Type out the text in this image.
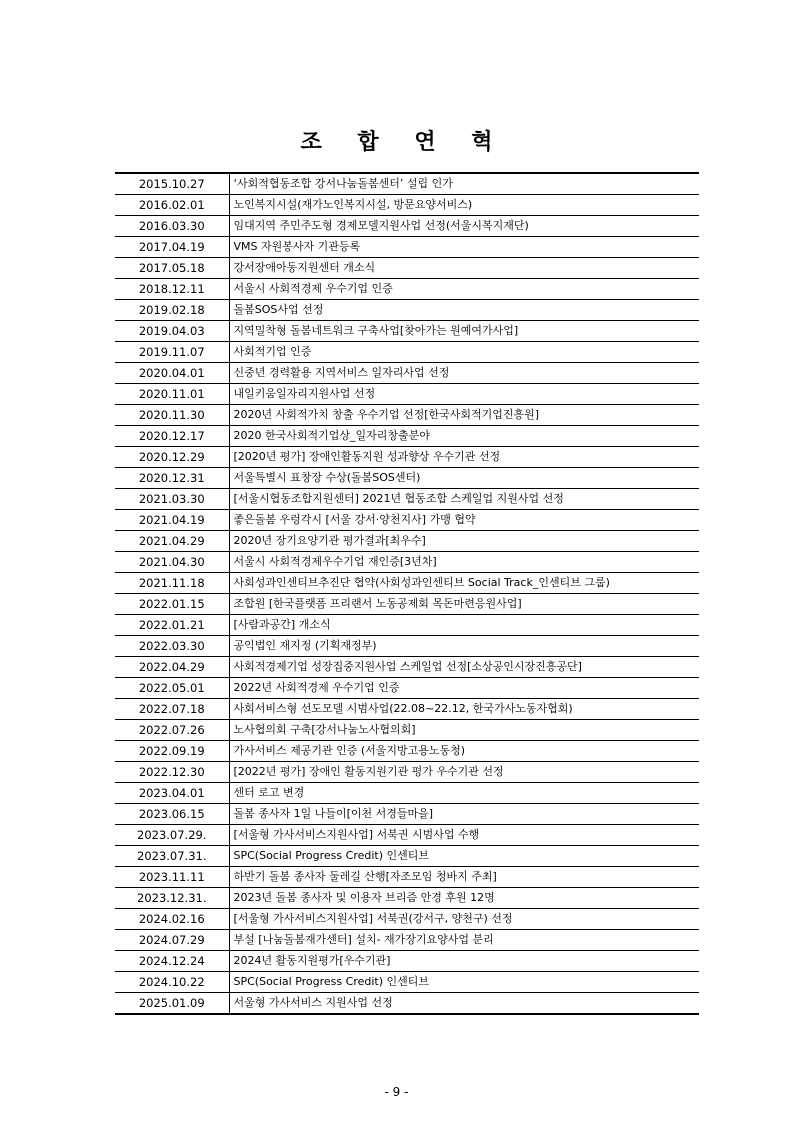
조 합 연 혁
2015.10.27	‘사회적협동조합 강서나눔돌봄센터’ 설립 인가
2016.02.01	노인복지시설(재가노인복지시설, 방문요양서비스)
2016.03.30	임대지역 주민주도형 경제모델지원사업 선정(서울시복지재단)
2017.04.19	VMS 자원봉사자 기관등록
2017.05.18	강서장애아동지원센터 개소식
2018.12.11	서울시 사회적경제 우수기업 인증
2019.02.18	돌봄SOS사업 선정
2019.04.03	지역밀착형 돌봄네트워크 구축사업[찾아가는 원예여가사업]
2019.11.07	사회적기업 인증
2020.04.01	신중년 경력활용 지역서비스 일자리사업 선정
2020.11.01	내일키움일자리지원사업 선정
2020.11.30	2020년 사회적가치 창출 우수기업 선정[한국사회적기업진흥원]
2020.12.17	2020 한국사회적기업상_일자리창출분야
2020.12.29	[2020년 평가] 장애인활동지원 성과향상 우수기관 선정
2020.12.31	서울특별시 표창장 수상(돌봄SOS센터)
2021.03.30	[서울시협동조합지원센터] 2021년 협동조합 스케일업 지원사업 선정
2021.04.19	좋은돌봄 우렁각시 [서울 강서·양천지사] 가맹 협약
2021.04.29	2020년 장기요양기관 평가결과[최우수]
2021.04.30	서울시 사회적경제우수기업 재인증[3년차]
2021.11.18	사회성과인센티브추진단 협약(사회성과인센티브 Social Track_인센티브 그룹)
2022.01.15	조합원 [한국플랫폼 프리랜서 노동공제회 목돈마련응원사업]
2022.01.21	[사람과공간] 개소식
2022.03.30	공익법인 재지정 (기획재정부)
2022.04.29	사회적경제기업 성장집중지원사업 스케일업 선정[소상공인시장진흥공단]
2022.05.01	2022년 사회적경제 우수기업 인증
2022.07.18	사회서비스형 선도모델 시범사업(22.08~22.12, 한국가사노동자협회)
2022.07.26	노사협의회 구축[강서나눔노사협의회]
2022.09.19	가사서비스 제공기관 인증 (서울지방고용노동청)
2022.12.30	[2022년 평가] 장애인 활동지원기관 평가 우수기관 선정
2023.04.01	센터 로고 변경
2023.06.15	돌봄 종사자 1일 나들이[이천 서경들마을]
2023.07.29.	[서울형 가사서비스지원사업] 서북권 시범사업 수행
2023.07.31.	SPC(Social Progress Credit) 인센티브
2023.11.11	하반기 돌봄 종사자 둘레길 산행[자조모임 청바지 주최]
2023.12.31.	2023년 돌봄 종사자 및 이용자 브리즘 안경 후원 12명
2024.02.16	[서울형 가사서비스지원사업] 서북권(강서구, 양천구) 선정
2024.07.29	부설 [나눔돌봄재가센터] 설치- 재가장기요양사업 분리
2024.12.24	2024년 활동지원평가[우수기관]
2024.10.22	SPC(Social Progress Credit) 인센티브
2025.01.09	서울형 가사서비스 지원사업 선정
- 9 -
